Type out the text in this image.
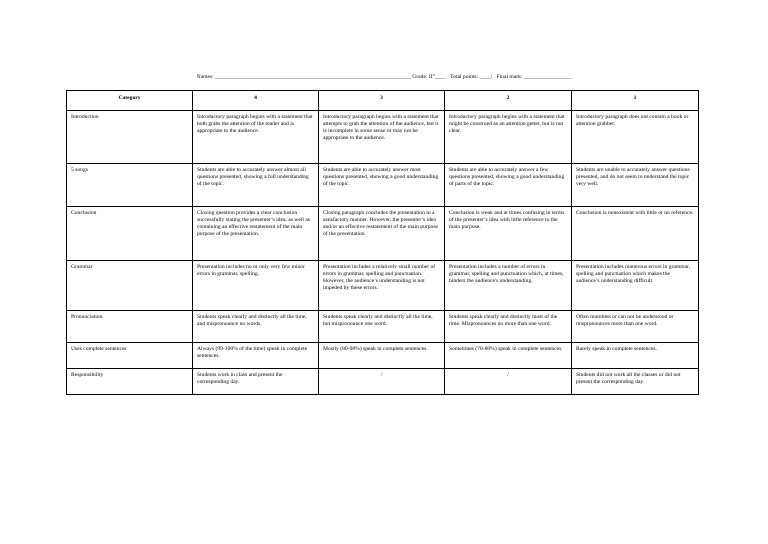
Names: ______________________________________________________________________ Grade: II°____   Total points: ____/   Final mark: _________________
Category	4	3	2	1
Introduction	Introductory paragraph begins with a statement that both grabs the attention of the reader and is appropriate to the audience.	Introductory paragraph begins with a statement that attempts to grab the attention of the audience, but it is incomplete in some sense or may not be appropriate to the audience.	Introductory paragraph begins with a statement that might be construed as an attention getter, but is not clear.	Introductory paragraph does not contain a hook or attention grabber.
5 songs	Students are able to accurately answer almost all questions presented, showing a full understanding of the topic.	Students are able to accurately answer most questions presented, showing a good understanding of the topic.	Students are able to accurately answer a few questions presented, showing a good understanding of parts of the topic.	Students are unable to accurately answer questions presented, and do not seem to understand the topic very well.
Conclusion	Closing question provides a clear conclusion successfully stating the presenter’s idea, as well as containing an effective restatement of the main purpose of the presentation.	Closing paragraph concludes the presentation in a satisfactory manner. However, the presenter’s idea and/or an effective restatement of the main purpose of the presentation	Conclusion is weak and at times confusing in terms of the presenter’s idea with little reference to the main purpose.	Conclusion is nonexistent with little or no reference.
Grammar	Presentation includes no or only very few minor errors in grammar, spelling.	Presentation includes a relatively small number of errors in grammar, spelling and punctuation. However, the audience’s understanding is not impeded by these errors.	Presentation includes a number of errors in grammar, spelling and punctuation which, at times, hinders the audience's understanding.	Presentation includes numerous errors in grammar, spelling and punctuation which makes the audience’s understanding difficult.
Pronunciation	Students speak clearly and distinctly all the time, and mispronounce no words.	Students speak clearly and distinctly all the time, but mispronounce one word.	Students speak clearly and distinctly most of the time. Mispronounces no more than one word.	Often mumbles or can not be understood or mispronounces more than one word.
Uses complete sentences	Always (99-100% of the time) speak in complete sentences.	Mostly (80-98%) speak in complete sentences.	Sometimes (70-80%) speak in complete sentences.	Rarely speak in complete sentences.
Responsibility	Students work in class and present the corresponding day.	/	/	Students did not work all the classes or did not present the corresponding day.
